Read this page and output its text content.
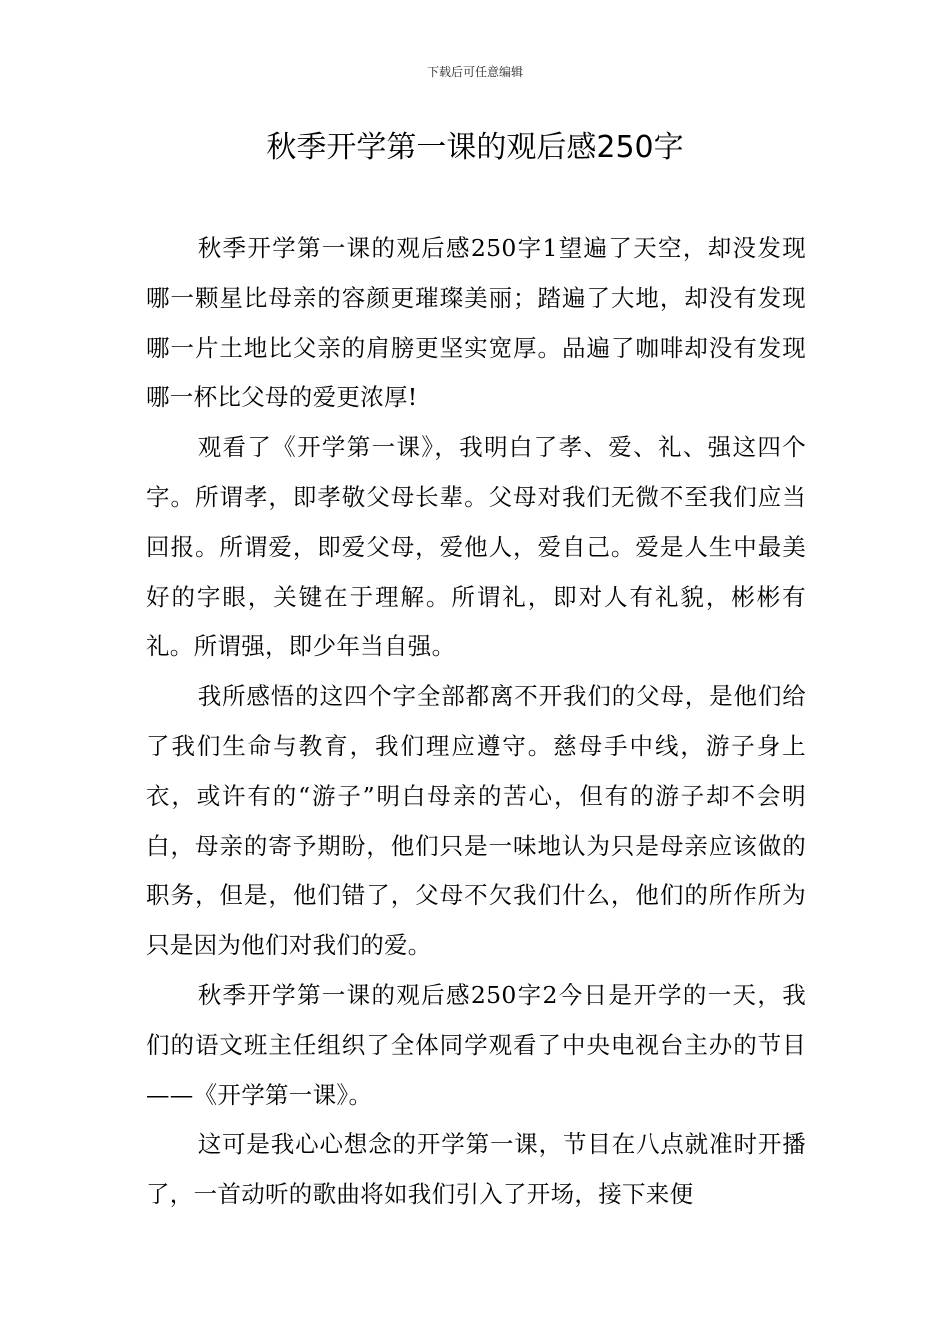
下载后可任意编辑
秋季开学第一课的观后感250字

秋季开学第一课的观后感250字1望遍了天空，却没发现哪一颗星比母亲的容颜更璀璨美丽；踏遍了大地，却没有发现哪一片土地比父亲的肩膀更坚实宽厚。品遍了咖啡却没有发现哪一杯比父母的爱更浓厚!

观看了《开学第一课》，我明白了孝、爱、礼、强这四个字。所谓孝，即孝敬父母长辈。父母对我们无微不至我们应当回报。所谓爱，即爱父母，爱他人，爱自己。爱是人生中最美好的字眼，关键在于理解。所谓礼，即对人有礼貌，彬彬有礼。所谓强，即少年当自强。

我所感悟的这四个字全部都离不开我们的父母，是他们给了我们生命与教育，我们理应遵守。慈母手中线，游子身上衣，或许有的“游子”明白母亲的苦心，但有的游子却不会明白，母亲的寄予期盼，他们只是一味地认为只是母亲应该做的职务，但是，他们错了，父母不欠我们什么，他们的所作所为只是因为他们对我们的爱。

秋季开学第一课的观后感250字2今日是开学的一天，我们的语文班主任组织了全体同学观看了中央电视台主办的节目——《开学第一课》。

这可是我心心想念的开学第一课，节目在八点就准时开播了，一首动听的歌曲将如我们引入了开场，接下来便
